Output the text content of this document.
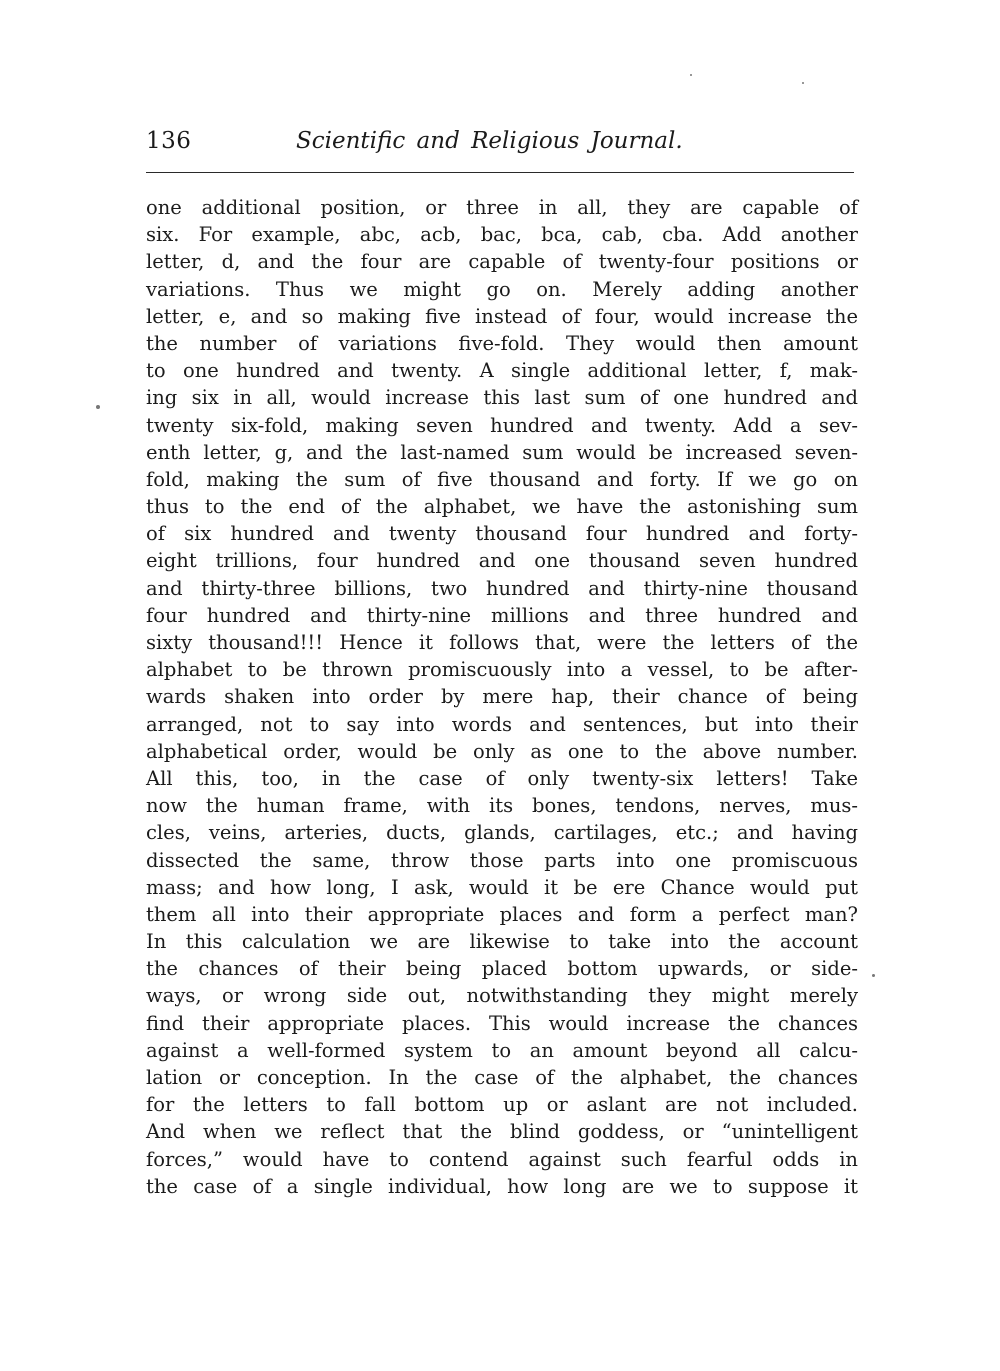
136	Scientific and Religious Journal.
one additional position, or three in all, they are capable of
six. For example, abc, acb, bac, bca, cab, cba. Add another
letter, d, and the four are capable of twenty-four positions or
variations. Thus we might go on. Merely adding another
letter, e, and so making five instead of four, would increase the
the number of variations five-fold. They would then amount
to one hundred and twenty. A single additional letter, f, mak-
ing six in all, would increase this last sum of one hundred and
twenty six-fold, making seven hundred and twenty. Add a sev-
enth letter, g, and the last-named sum would be increased seven-
fold, making the sum of five thousand and forty. If we go on
thus to the end of the alphabet, we have the astonishing sum
of six hundred and twenty thousand four hundred and forty-
eight trillions, four hundred and one thousand seven hundred
and thirty-three billions, two hundred and thirty-nine thousand
four hundred and thirty-nine millions and three hundred and
sixty thousand!!! Hence it follows that, were the letters of the
alphabet to be thrown promiscuously into a vessel, to be after-
wards shaken into order by mere hap, their chance of being
arranged, not to say into words and sentences, but into their
alphabetical order, would be only as one to the above number.
All this, too, in the case of only twenty-six letters! Take
now the human frame, with its bones, tendons, nerves, mus-
cles, veins, arteries, ducts, glands, cartilages, etc.; and having
dissected the same, throw those parts into one promiscuous
mass; and how long, I ask, would it be ere Chance would put
them all into their appropriate places and form a perfect man?
In this calculation we are likewise to take into the account
the chances of their being placed bottom upwards, or side-
ways, or wrong side out, notwithstanding they might merely
find their appropriate places. This would increase the chances
against a well-formed system to an amount beyond all calcu-
lation or conception. In the case of the alphabet, the chances
for the letters to fall bottom up or aslant are not included.
And when we reflect that the blind goddess, or “unintelligent
forces,” would have to contend against such fearful odds in
the case of a single individual, how long are we to suppose it
